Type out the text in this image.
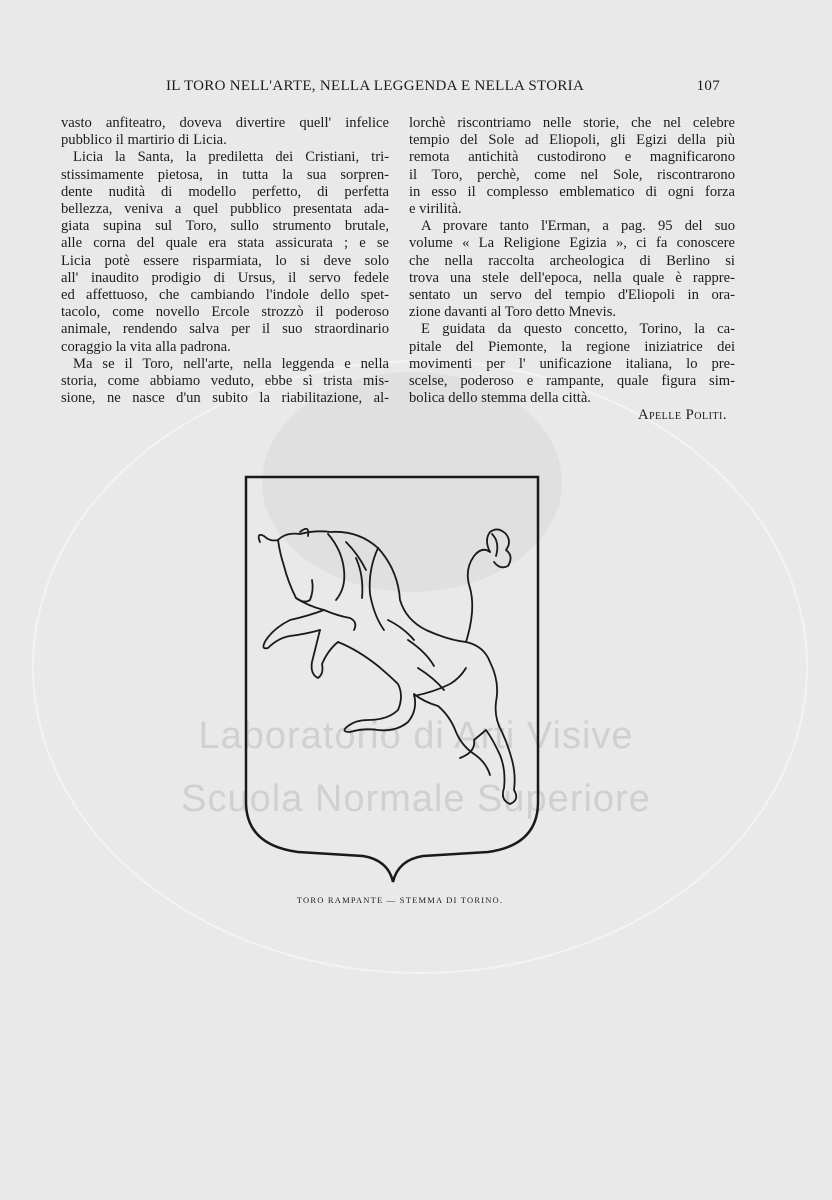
Laboratorio di Arti Visive
Scuola Normale Superiore
IL TORO NELL'ARTE, NELLA LEGGENDA E NELLA STORIA	107
vasto anfiteatro, doveva divertire quell' infelice
pubblico il martirio di Licia.
Licia la Santa, la prediletta dei Cristiani, tri-
stissimamente pietosa, in tutta la sua sorpren-
dente nudità di modello perfetto, di perfetta
bellezza, veniva a quel pubblico presentata ada-
giata supina sul Toro, sullo strumento brutale,
alle corna del quale era stata assicurata ; e se
Licia potè essere risparmiata, lo si deve solo
all' inaudito prodigio di Ursus, il servo fedele
ed affettuoso, che cambiando l'indole dello spet-
tacolo, come novello Ercole strozzò il poderoso
animale, rendendo salva per il suo straordinario
coraggio la vita alla padrona.
Ma se il Toro, nell'arte, nella leggenda e nella
storia, come abbiamo veduto, ebbe sì trista mis-
sione, ne nasce d'un subito la riabilitazione, al-
lorchè riscontriamo nelle storie, che nel celebre
tempio del Sole ad Eliopoli, gli Egizi della più
remota antichità custodirono e magnificarono
il Toro, perchè, come nel Sole, riscontrarono
in esso il complesso emblematico di ogni forza
e virilità.
A provare tanto l'Erman, a pag. 95 del suo
volume « La Religione Egizia », ci fa conoscere
che nella raccolta archeologica di Berlino si
trova una stele dell'epoca, nella quale è rappre-
sentato un servo del tempio d'Eliopoli in ora-
zione davanti al Toro detto Mnevis.
E guidata da questo concetto, Torino, la ca-
pitale del Piemonte, la regione iniziatrice dei
movimenti per l' unificazione italiana, lo pre-
scelse, poderoso e rampante, quale figura sim-
bolica dello stemma della città.
Apelle Politi.
TORO RAMPANTE — STEMMA DI TORINO.
